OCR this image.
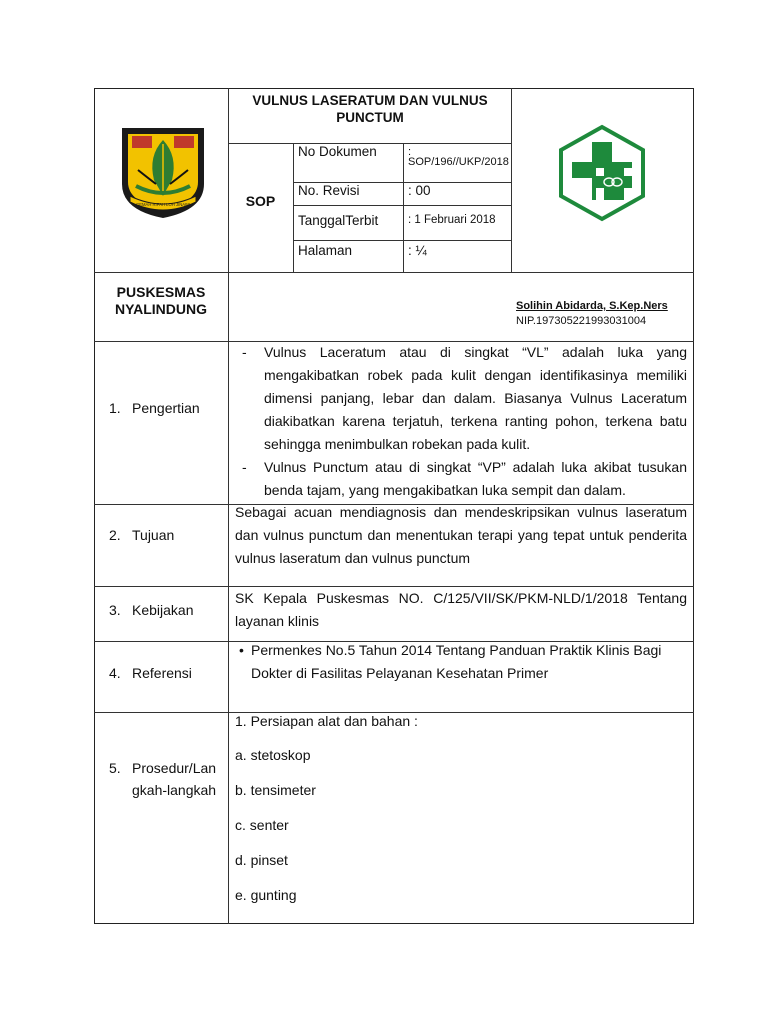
GEMAH RIPAH LOH JINAWI
VULNUS LASERATUM DAN VULNUS PUNCTUM
SOP
No Dokumen	:
SOP/196//UKP/2018
No. Revisi	: 00
TanggalTerbit	: 1 Februari 2018
Halaman	: ¼
PUSKESMAS NYALINDUNG	Solihin Abidarda, S.Kep.Ners
NIP.197305221993031004
1. Pengertian
- Vulnus Laceratum atau di singkat “VL” adalah luka yang mengakibatkan robek pada kulit dengan identifikasinya memiliki dimensi panjang, lebar dan dalam. Biasanya Vulnus Laceratum diakibatkan karena terjatuh, terkena ranting pohon, terkena batu sehingga menimbulkan robekan pada kulit.
- Vulnus Punctum atau di singkat “VP” adalah luka akibat tusukan benda tajam, yang mengakibatkan luka sempit dan dalam.
2. Tujuan
Sebagai acuan mendiagnosis dan mendeskripsikan vulnus laseratum dan vulnus punctum dan menentukan terapi yang tepat untuk penderita vulnus laseratum dan vulnus punctum
3. Kebijakan
SK Kepala Puskesmas NO. C/125/VII/SK/PKM-NLD/1/2018 Tentang layanan klinis
4. Referensi
• Permenkes No.5 Tahun 2014 Tentang Panduan Praktik Klinis Bagi Dokter di Fasilitas Pelayanan Kesehatan Primer
5. Prosedur/Lan
gkah-langkah
1. Persiapan alat dan bahan :
a. stetoskop
b. tensimeter
c. senter
d. pinset
e. gunting
